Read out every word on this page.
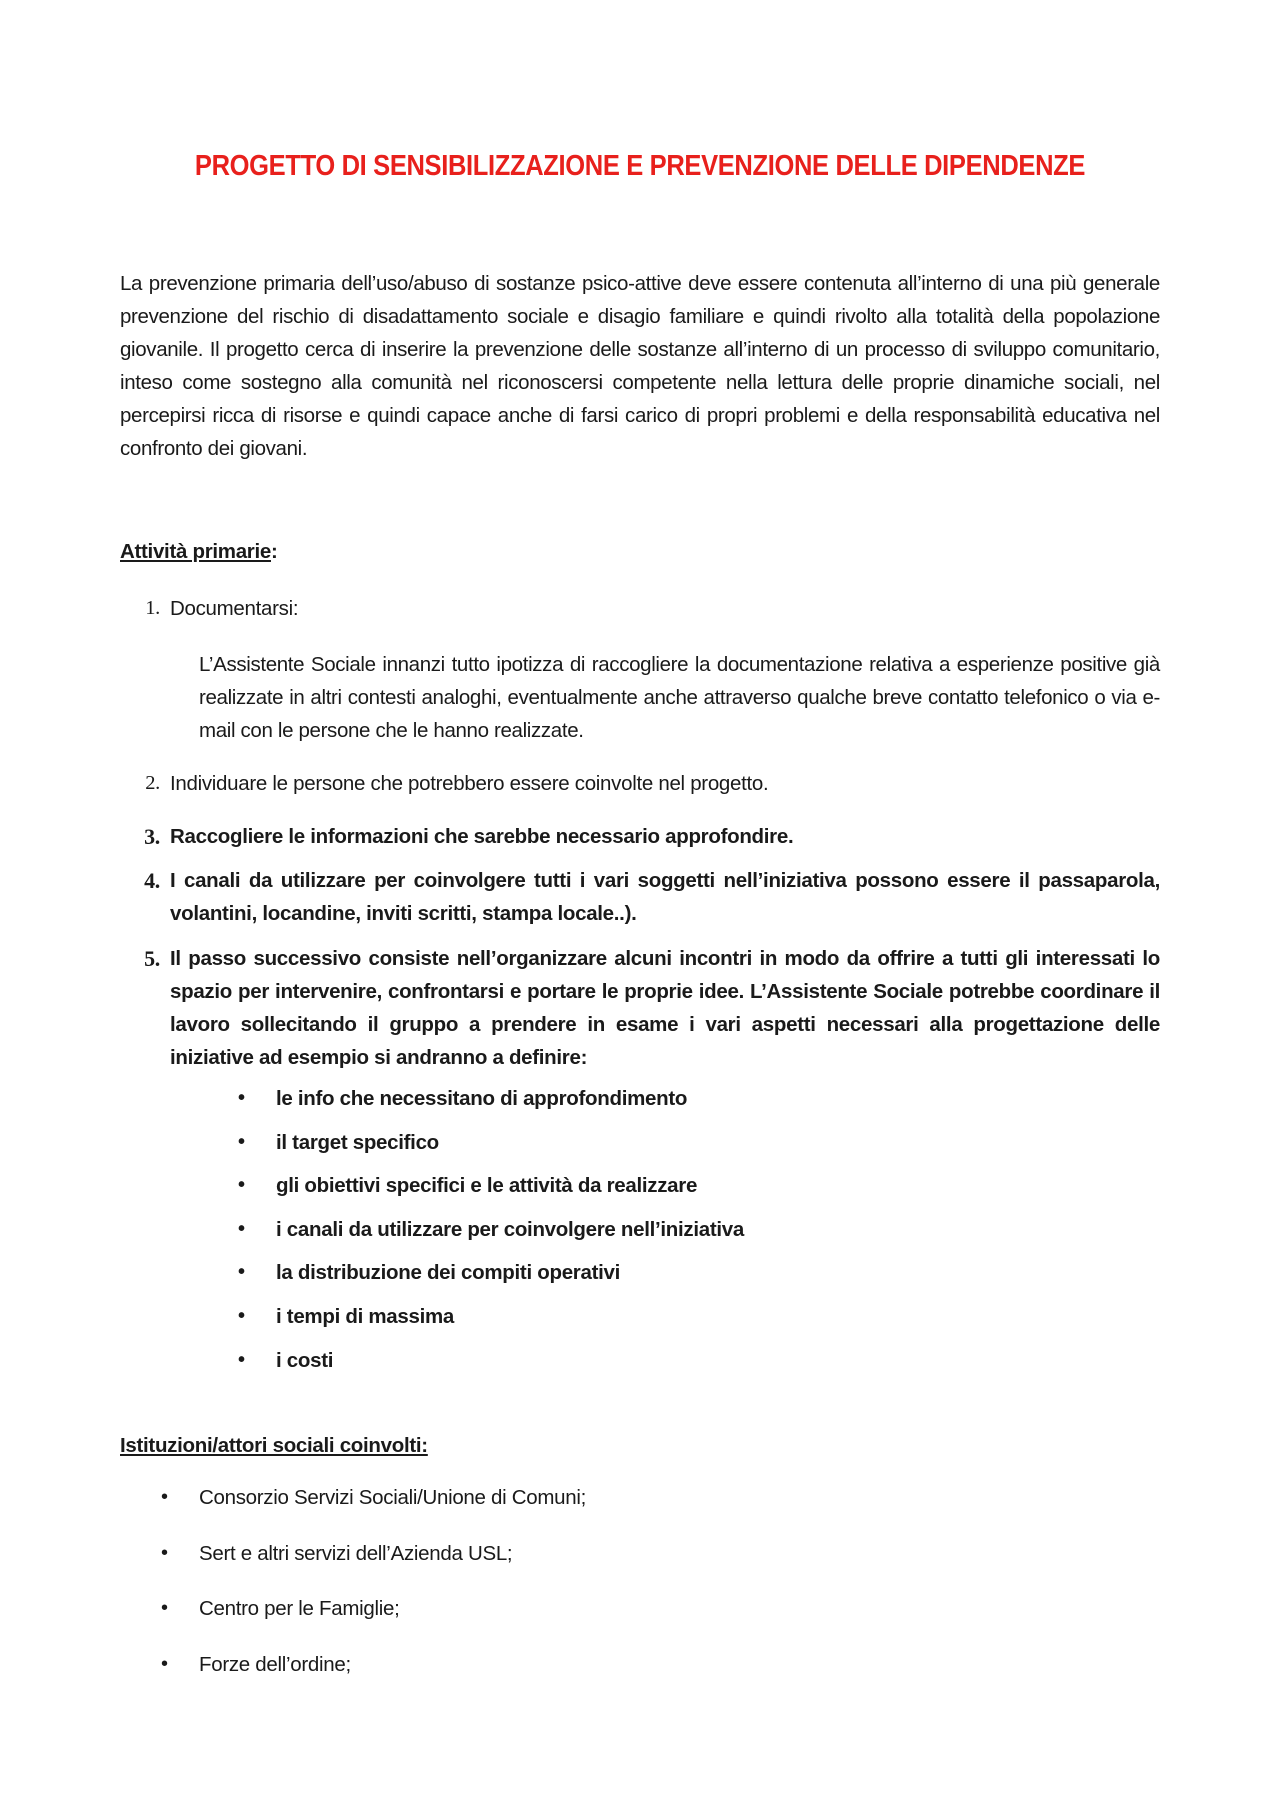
PROGETTO DI SENSIBILIZZAZIONE E PREVENZIONE DELLE DIPENDENZE
La prevenzione primaria dell’uso/abuso di sostanze psico-attive deve essere contenuta all’interno di una più generale prevenzione del rischio di disadattamento sociale e disagio familiare e quindi rivolto alla totalità della popolazione giovanile. Il progetto cerca di inserire la prevenzione delle sostanze all’interno di un processo di sviluppo comunitario, inteso come sostegno alla comunità nel riconoscersi competente nella lettura delle proprie dinamiche sociali, nel percepirsi ricca di risorse e quindi capace anche di farsi carico di propri problemi e della responsabilità educativa nel confronto dei giovani.
Attività primarie:
1. Documentarsi:
L’Assistente Sociale innanzi tutto ipotizza di raccogliere la documentazione relativa a esperienze positive già realizzate in altri contesti analoghi, eventualmente anche attraverso qualche breve contatto telefonico o via e-mail con le persone che le hanno realizzate.
2. Individuare le persone che potrebbero essere coinvolte nel progetto.
3. Raccogliere le informazioni che sarebbe necessario approfondire.
4. I canali da utilizzare per coinvolgere tutti i vari soggetti nell’iniziativa possono essere il passaparola, volantini, locandine, inviti scritti, stampa locale..).
5. Il passo successivo consiste nell’organizzare alcuni incontri in modo da offrire a tutti gli interessati lo spazio per intervenire, confrontarsi e portare le proprie idee. L’Assistente Sociale potrebbe coordinare il lavoro sollecitando il gruppo a prendere in esame i vari aspetti necessari alla progettazione delle iniziative ad esempio si andranno a definire:
• le info che necessitano di approfondimento
• il target specifico
• gli obiettivi specifici e le attività da realizzare
• i canali da utilizzare per coinvolgere nell’iniziativa
• la distribuzione dei compiti operativi
• i tempi di massima
• i costi
Istituzioni/attori sociali coinvolti:
• Consorzio Servizi Sociali/Unione di Comuni;
• Sert e altri servizi dell’Azienda USL;
• Centro per le Famiglie;
• Forze dell’ordine;
